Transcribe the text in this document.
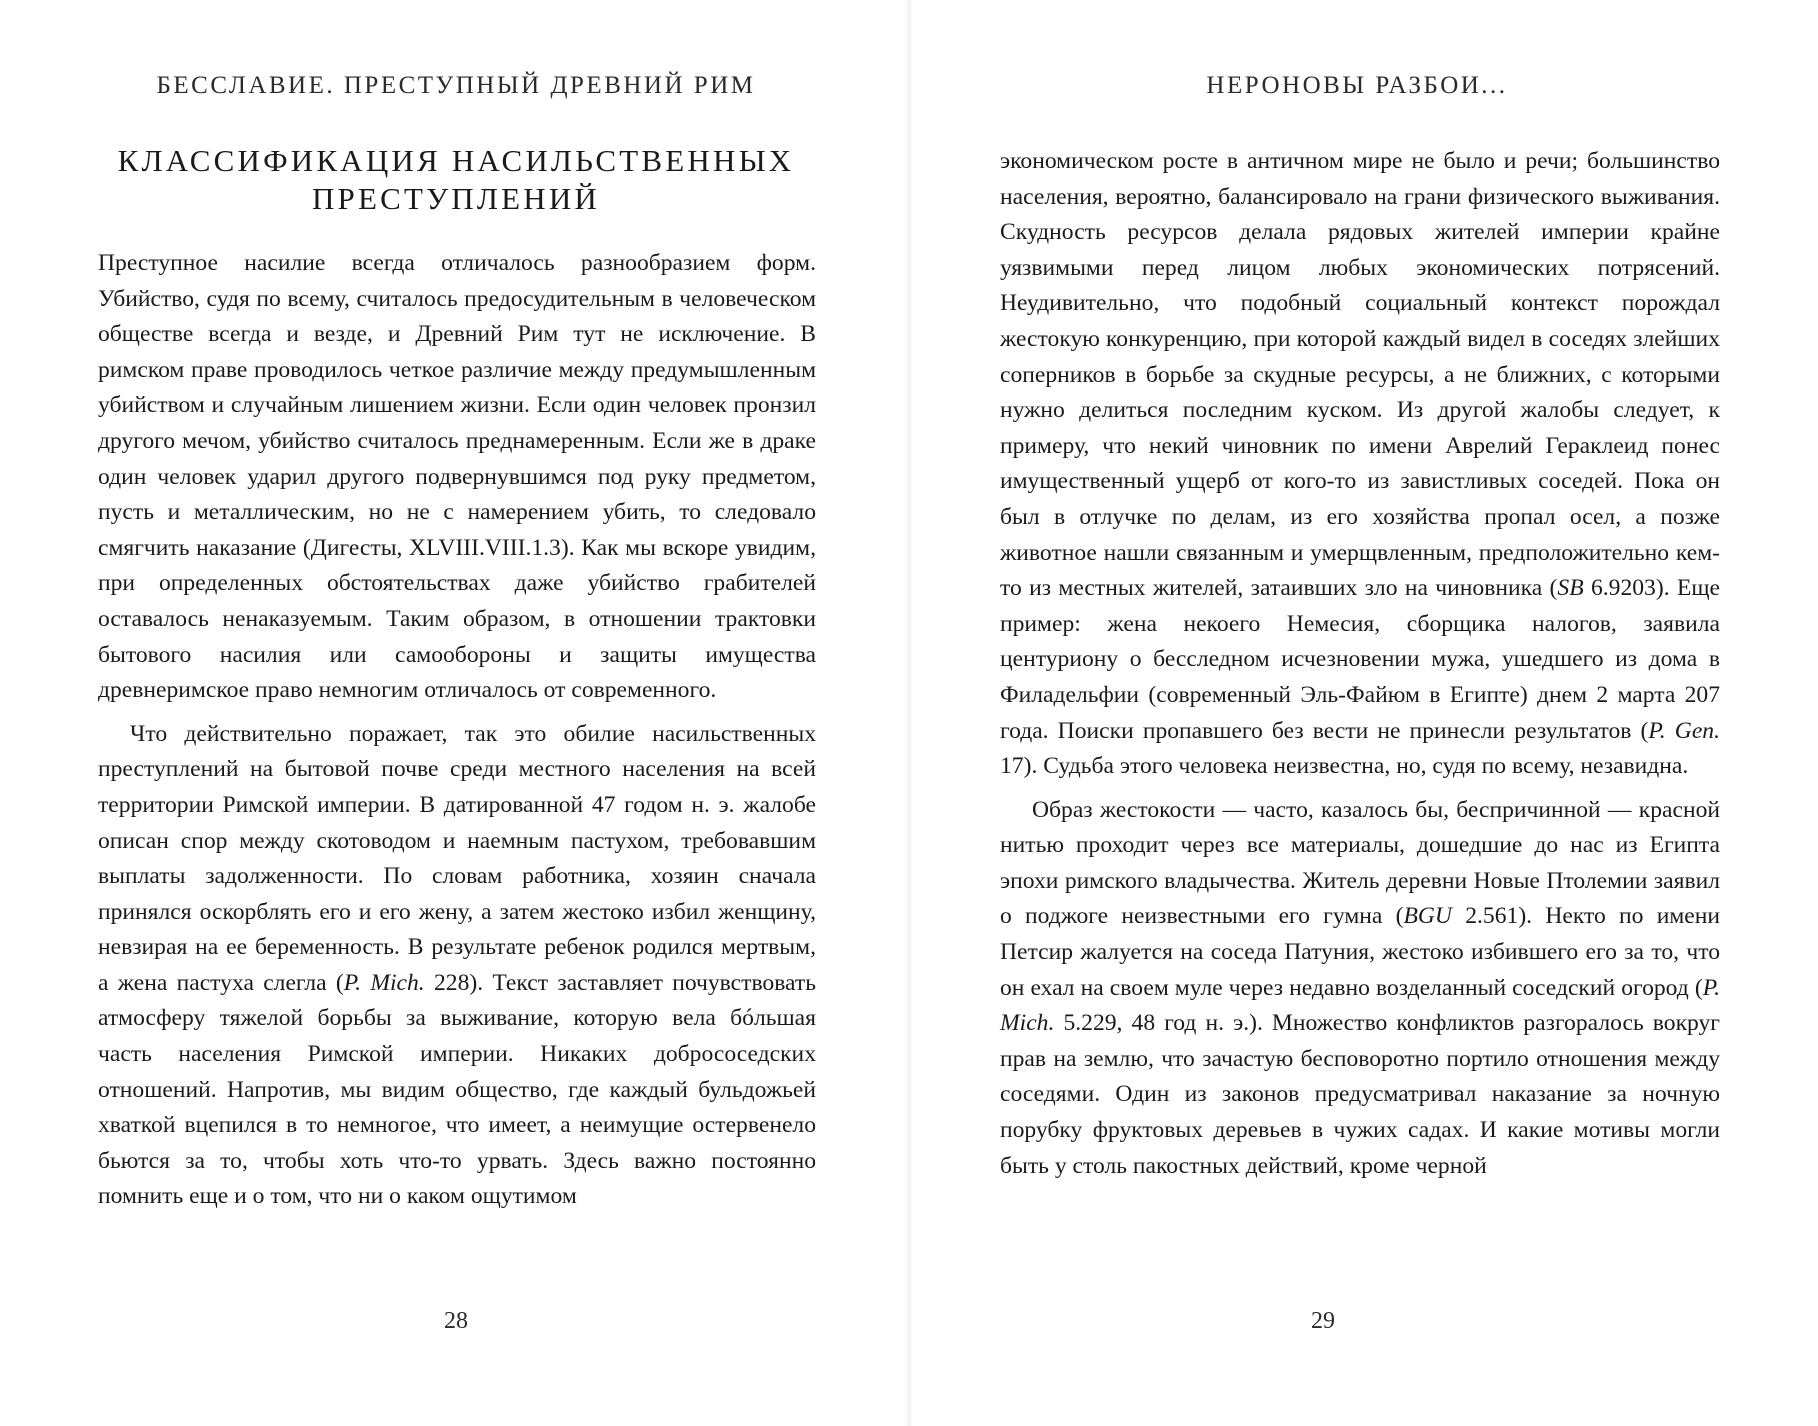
БЕССЛАВИЕ. ПРЕСТУПНЫЙ ДРЕВНИЙ РИМ
КЛАССИФИКАЦИЯ НАСИЛЬСТВЕННЫХ
ПРЕСТУПЛЕНИЙ

Преступное насилие всегда отличалось разнообразием форм. Убийство, судя по всему, считалось предосудительным в человеческом обществе всегда и везде, и Древний Рим тут не исключение. В римском праве проводилось четкое различие между предумышленным убийством и случайным лишением жизни. Если один человек пронзил другого мечом, убийство считалось преднамеренным. Если же в драке один человек ударил другого подвернувшимся под руку предметом, пусть и металлическим, но не с намерением убить, то следовало смягчить наказание (Дигесты, XLVIII.VIII.1.3). Как мы вскоре увидим, при определенных обстоятельствах даже убийство грабителей оставалось ненаказуемым. Таким образом, в отношении трактовки бытового насилия или самообороны и защиты имущества древнеримское право немногим отличалось от современного.

Что действительно поражает, так это обилие насильственных преступлений на бытовой почве среди местного населения на всей территории Римской империи. В датированной 47 годом н. э. жалобе описан спор между скотоводом и наемным пастухом, требовавшим выплаты задолженности. По словам работника, хозяин сначала принялся оскорблять его и его жену, а затем жестоко избил женщину, невзирая на ее беременность. В результате ребенок родился мертвым, а жена пастуха слегла (P. Mich. 228). Текст заставляет почувствовать атмосферу тяжелой борьбы за выживание, которую вела бóльшая часть населения Римской империи. Никаких добрососедских отношений. Напротив, мы видим общество, где каждый бульдожьей хваткой вцепился в то немногое, что имеет, а неимущие остервенело бьются за то, чтобы хоть что-то урвать. Здесь важно постоянно помнить еще и о том, что ни о каком ощутимом

28
НЕРОНОВЫ РАЗБОИ...

экономическом росте в античном мире не было и речи; большинство населения, вероятно, балансировало на грани физического выживания. Скудность ресурсов делала рядовых жителей империи крайне уязвимыми перед лицом любых экономических потрясений. Неудивительно, что подобный социальный контекст порождал жестокую конкуренцию, при которой каждый видел в соседях злейших соперников в борьбе за скудные ресурсы, а не ближних, с которыми нужно делиться последним куском. Из другой жалобы следует, к примеру, что некий чиновник по имени Аврелий Гераклеид понес имущественный ущерб от кого-то из завистливых соседей. Пока он был в отлучке по делам, из его хозяйства пропал осел, а позже животное нашли связанным и умерщвленным, предположительно кем-то из местных жителей, затаивших зло на чиновника (SB 6.9203). Еще пример: жена некоего Немесия, сборщика налогов, заявила центуриону о бесследном исчезновении мужа, ушедшего из дома в Филадельфии (современный Эль-Файюм в Египте) днем 2 марта 207 года. Поиски пропавшего без вести не принесли результатов (P. Gen. 17). Судьба этого человека неизвестна, но, судя по всему, незавидна.

Образ жестокости — часто, казалось бы, беспричинной — красной нитью проходит через все материалы, дошедшие до нас из Египта эпохи римского владычества. Житель деревни Новые Птолемии заявил о поджоге неизвестными его гумна (BGU 2.561). Некто по имени Петсир жалуется на соседа Патуния, жестоко избившего его за то, что он ехал на своем муле через недавно возделанный соседский огород (P. Mich. 5.229, 48 год н. э.). Множество конфликтов разгоралось вокруг прав на землю, что зачастую бесповоротно портило отношения между соседями. Один из законов предусматривал наказание за ночную порубку фруктовых деревьев в чужих садах. И какие мотивы могли быть у столь пакостных действий, кроме черной

29
